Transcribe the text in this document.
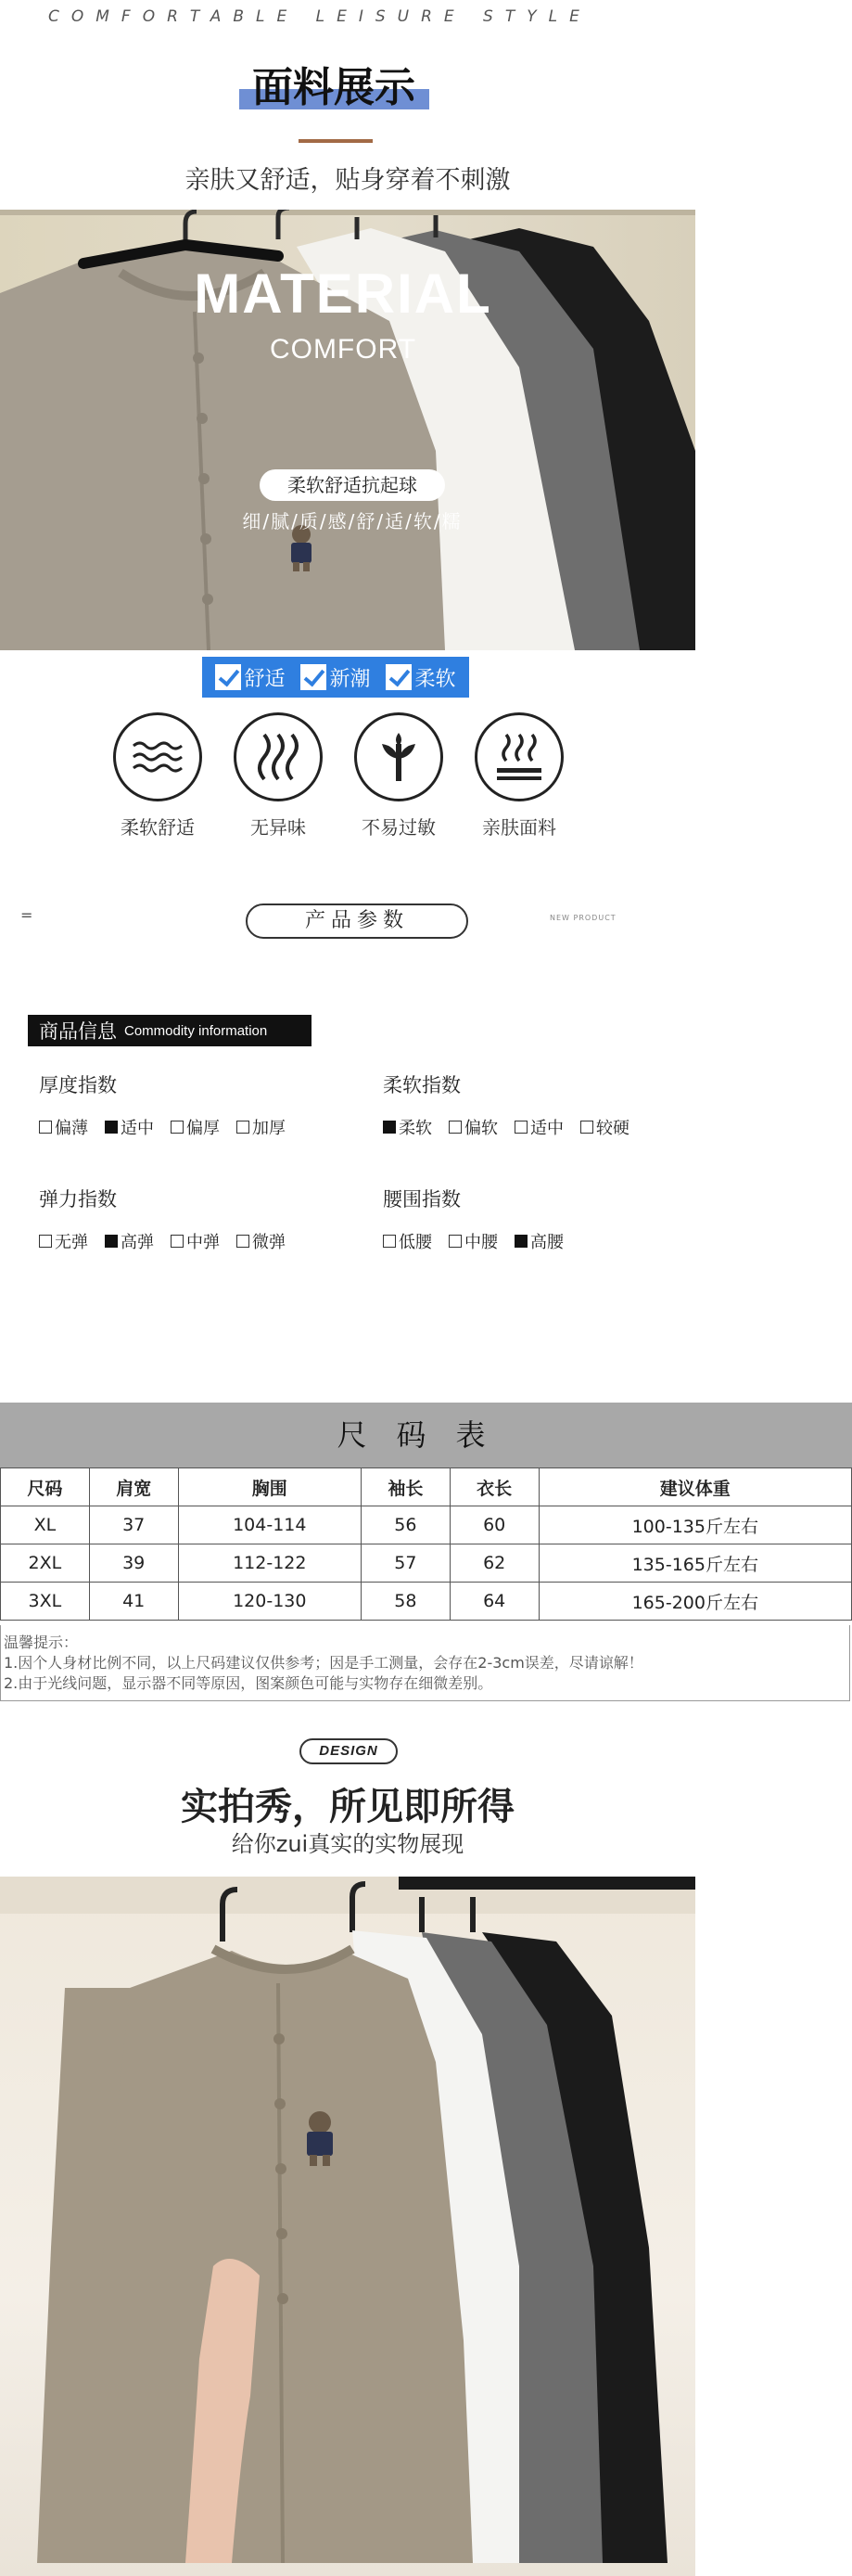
COMFORTABLE LEISURE STYLE
面料展示
亲肤又舒适，贴身穿着不刺激
MATERIAL
COMFORT
柔软舒适抗起球
细/腻/质/感/舒/适/软/糯
舒适 新潮 柔软
柔软舒适	无异味	不易过敏	亲肤面料
=	产品参数	NEW PRODUCT
商品信息 Commodity information
厚度指数
偏薄 适中 偏厚 加厚
柔软指数
柔软 偏软 适中 较硬
弹力指数
无弹 高弹 中弹 微弹
腰围指数
低腰 中腰 高腰
尺码表
尺码	肩宽	胸围	袖长	衣长	建议体重
XL	37	104-114	56	60	100-135斤左右
2XL	39	112-122	57	62	135-165斤左右
3XL	41	120-130	58	64	165-200斤左右
温馨提示：
1.因个人身材比例不同，以上尺码建议仅供参考；因是手工测量，会存在2-3cm误差，尽请谅解！
2.由于光线问题，显示器不同等原因，图案颜色可能与实物存在细微差别。
DESIGN
实拍秀，所见即所得
给你zui真实的实物展现
